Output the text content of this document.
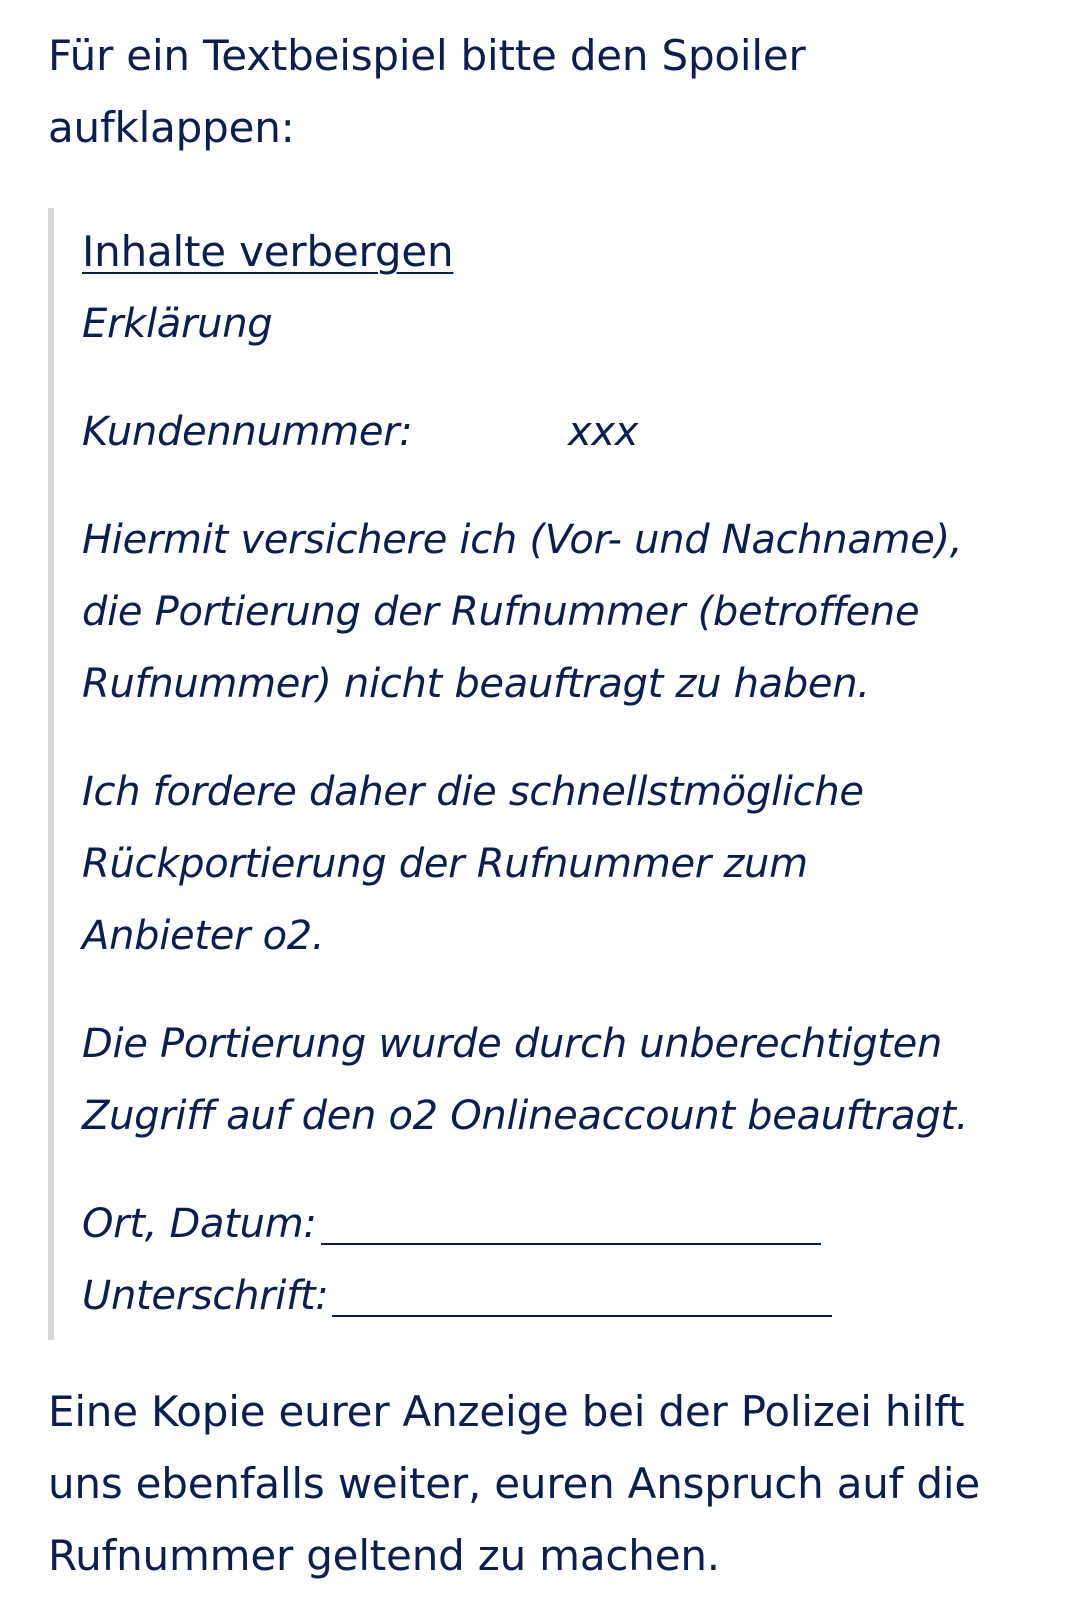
Für ein Textbeispiel bitte den Spoiler
aufklappen:

Inhalte verbergen

Erklärung

Kundennummer:	xxx

Hiermit versichere ich (Vor- und Nachname),
die Portierung der Rufnummer (betroffene
Rufnummer) nicht beauftragt zu haben.

Ich fordere daher die schnellstmögliche
Rückportierung der Rufnummer zum
Anbieter o2.

Die Portierung wurde durch unberechtigten
Zugriff auf den o2 Onlineaccount beauftragt.

Ort, Datum:
Unterschrift:

Eine Kopie eurer Anzeige bei der Polizei hilft
uns ebenfalls weiter, euren Anspruch auf die
Rufnummer geltend zu machen.
